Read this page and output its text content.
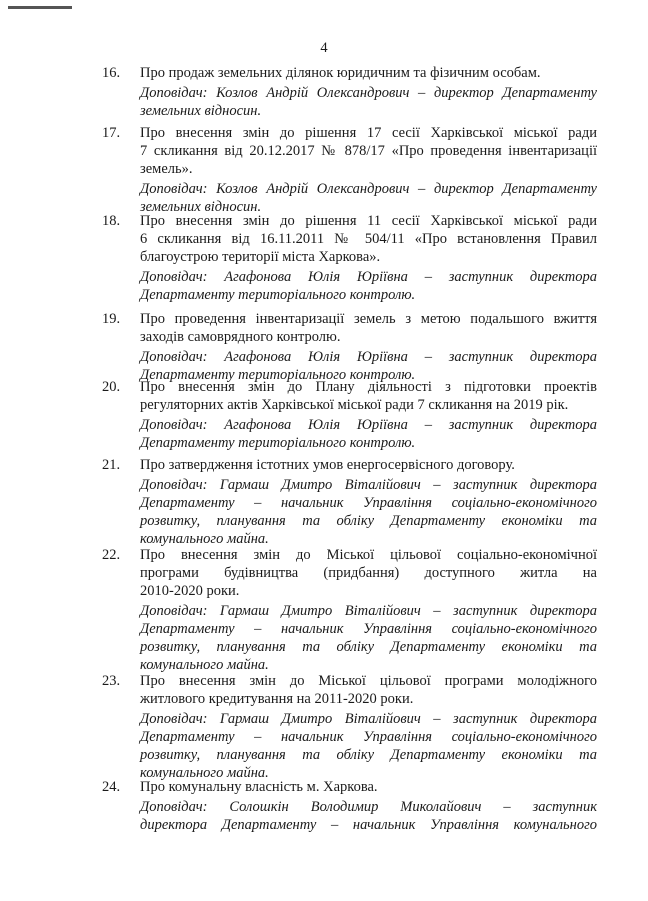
4
16. Про продаж земельних ділянок юридичним та фізичним особам.
Доповідач: Козлов Андрій Олександрович – директор Департаменту
земельних відносин.
17. Про внесення змін до рішення 17 сесії Харківської міської ради
7 скликання від 20.12.2017 № 878/17 «Про проведення інвентаризації
земель».
Доповідач: Козлов Андрій Олександрович – директор Департаменту
земельних відносин.
18. Про внесення змін до рішення 11 сесії Харківської міської ради
6 скликання від 16.11.2011 № 504/11 «Про встановлення Правил
благоустрою території міста Харкова».
Доповідач: Агафонова Юлія Юріївна – заступник директора
Департаменту територіального контролю.
19. Про проведення інвентаризації земель з метою подальшого вжиття
заходів самоврядного контролю.
Доповідач: Агафонова Юлія Юріївна – заступник директора
Департаменту територіального контролю.
20. Про внесення змін до Плану діяльності з підготовки проектів
регуляторних актів Харківської міської ради 7 скликання на 2019 рік.
Доповідач: Агафонова Юлія Юріївна – заступник директора
Департаменту територіального контролю.
21. Про затвердження істотних умов енергосервісного договору.
Доповідач: Гармаш Дмитро Віталійович – заступник директора
Департаменту – начальник Управління соціально-економічного
розвитку, планування та обліку Департаменту економіки та
комунального майна.
22. Про внесення змін до Міської цільової соціально-економічної
програми будівництва (придбання) доступного житла на
2010-2020 роки.
Доповідач: Гармаш Дмитро Віталійович – заступник директора
Департаменту – начальник Управління соціально-економічного
розвитку, планування та обліку Департаменту економіки та
комунального майна.
23. Про внесення змін до Міської цільової програми молодіжного
житлового кредитування на 2011-2020 роки.
Доповідач: Гармаш Дмитро Віталійович – заступник директора
Департаменту – начальник Управління соціально-економічного
розвитку, планування та обліку Департаменту економіки та
комунального майна.
24. Про комунальну власність м. Харкова.
Доповідач: Солошкін Володимир Миколайович – заступник
директора Департаменту – начальник Управління комунального
